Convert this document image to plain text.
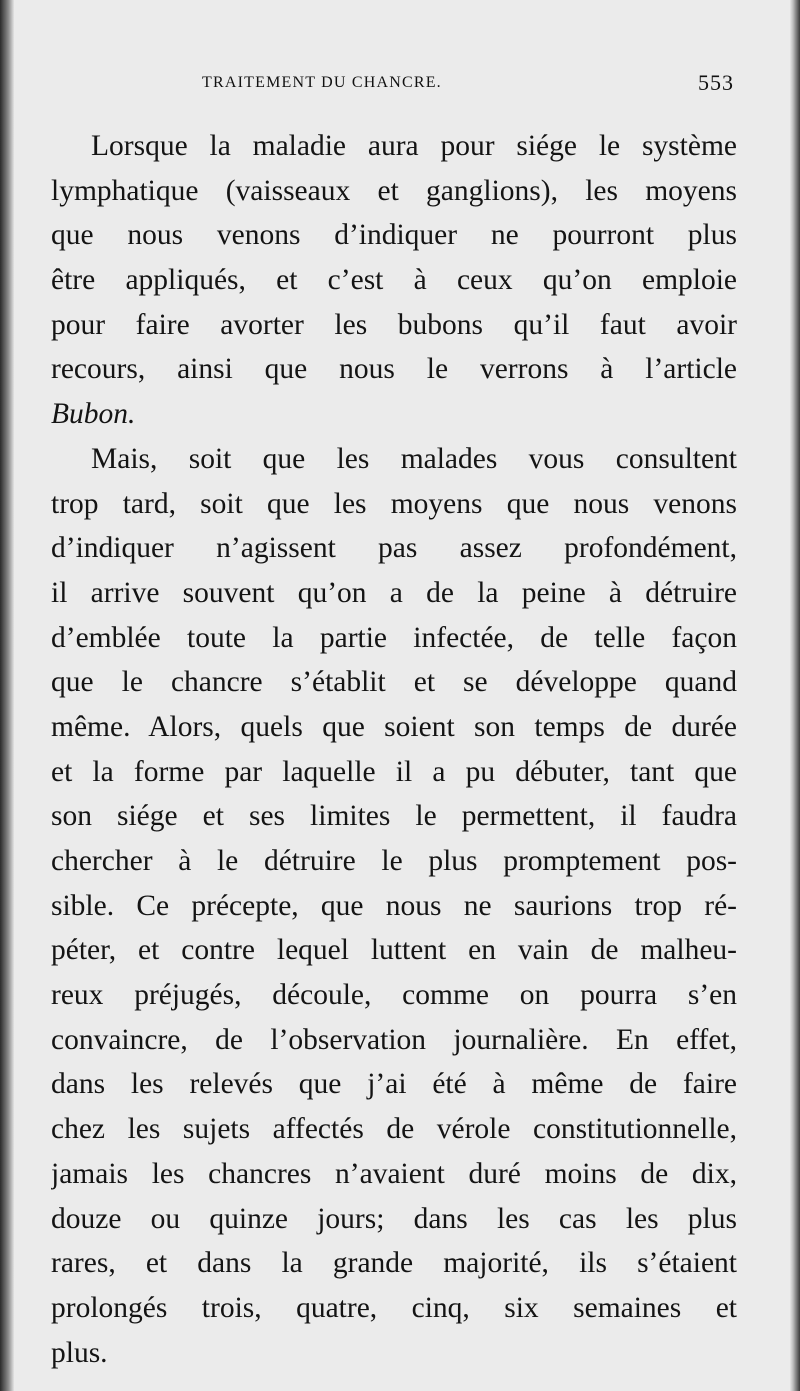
TRAITEMENT DU CHANCRE.	553
Lorsque la maladie aura pour siége le système
lymphatique (vaisseaux et ganglions), les moyens
que nous venons d’indiquer ne pourront plus
être appliqués, et c’est à ceux qu’on emploie
pour faire avorter les bubons qu’il faut avoir
recours, ainsi que nous le verrons à l’article
Bubon.
Mais, soit que les malades vous consultent
trop tard, soit que les moyens que nous venons
d’indiquer n’agissent pas assez profondément,
il arrive souvent qu’on a de la peine à détruire
d’emblée toute la partie infectée, de telle façon
que le chancre s’établit et se développe quand
même. Alors, quels que soient son temps de durée
et la forme par laquelle il a pu débuter, tant que
son siége et ses limites le permettent, il faudra
chercher à le détruire le plus promptement pos-
sible. Ce précepte, que nous ne saurions trop ré-
péter, et contre lequel luttent en vain de malheu-
reux préjugés, découle, comme on pourra s’en
convaincre, de l’observation journalière. En effet,
dans les relevés que j’ai été à même de faire
chez les sujets affectés de vérole constitutionnelle,
jamais les chancres n’avaient duré moins de dix,
douze ou quinze jours; dans les cas les plus
rares, et dans la grande majorité, ils s’étaient
prolongés trois, quatre, cinq, six semaines et
plus.
